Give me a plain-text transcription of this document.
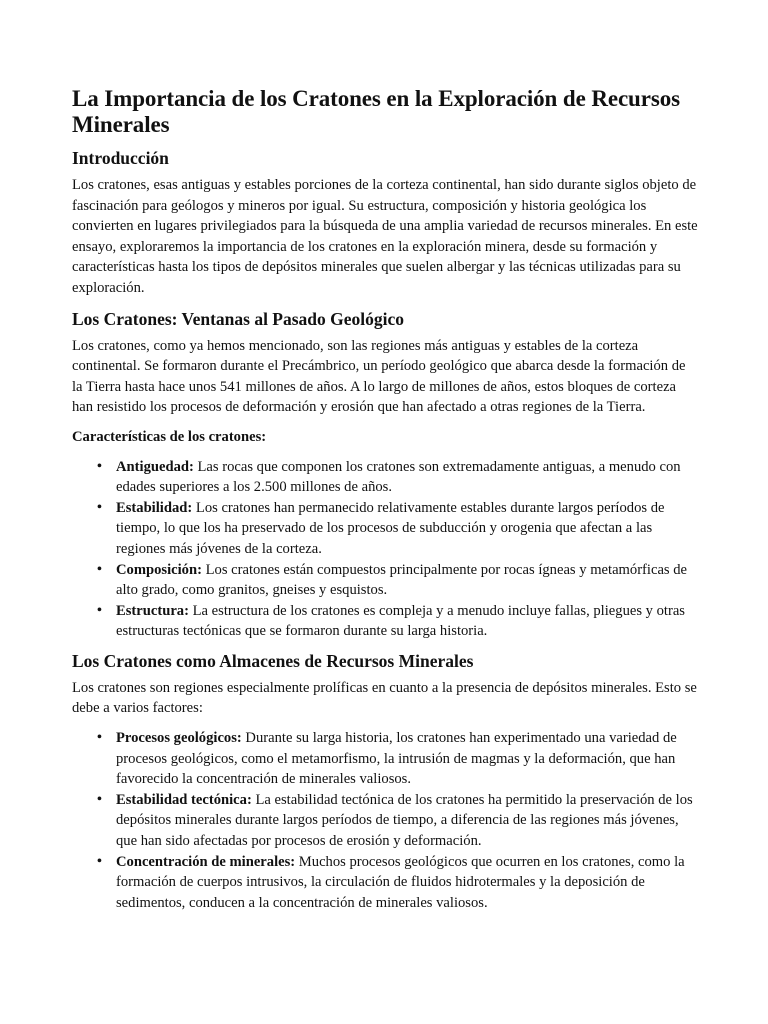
La Importancia de los Cratones en la Exploración de Recursos Minerales
Introducción

Los cratones, esas antiguas y estables porciones de la corteza continental, han sido durante siglos objeto de fascinación para geólogos y mineros por igual. Su estructura, composición y historia geológica los convierten en lugares privilegiados para la búsqueda de una amplia variedad de recursos minerales. En este ensayo, exploraremos la importancia de los cratones en la exploración minera, desde su formación y características hasta los tipos de depósitos minerales que suelen albergar y las técnicas utilizadas para su exploración.

Los Cratones: Ventanas al Pasado Geológico

Los cratones, como ya hemos mencionado, son las regiones más antiguas y estables de la corteza continental. Se formaron durante el Precámbrico, un período geológico que abarca desde la formación de la Tierra hasta hace unos 541 millones de años. A lo largo de millones de años, estos bloques de corteza han resistido los procesos de deformación y erosión que han afectado a otras regiones de la Tierra.

Características de los cratones:

• Antiguedad: Las rocas que componen los cratones son extremadamente antiguas, a menudo con edades superiores a los 2.500 millones de años.
• Estabilidad: Los cratones han permanecido relativamente estables durante largos períodos de tiempo, lo que los ha preservado de los procesos de subducción y orogenia que afectan a las regiones más jóvenes de la corteza.
• Composición: Los cratones están compuestos principalmente por rocas ígneas y metamórficas de alto grado, como granitos, gneises y esquistos.
• Estructura: La estructura de los cratones es compleja y a menudo incluye fallas, pliegues y otras estructuras tectónicas que se formaron durante su larga historia.
Los Cratones como Almacenes de Recursos Minerales

Los cratones son regiones especialmente prolíficas en cuanto a la presencia de depósitos minerales. Esto se debe a varios factores:

• Procesos geológicos: Durante su larga historia, los cratones han experimentado una variedad de procesos geológicos, como el metamorfismo, la intrusión de magmas y la deformación, que han favorecido la concentración de minerales valiosos.
• Estabilidad tectónica: La estabilidad tectónica de los cratones ha permitido la preservación de los depósitos minerales durante largos períodos de tiempo, a diferencia de las regiones más jóvenes, que han sido afectadas por procesos de erosión y deformación.
• Concentración de minerales: Muchos procesos geológicos que ocurren en los cratones, como la formación de cuerpos intrusivos, la circulación de fluidos hidrotermales y la deposición de sedimentos, conducen a la concentración de minerales valiosos.
